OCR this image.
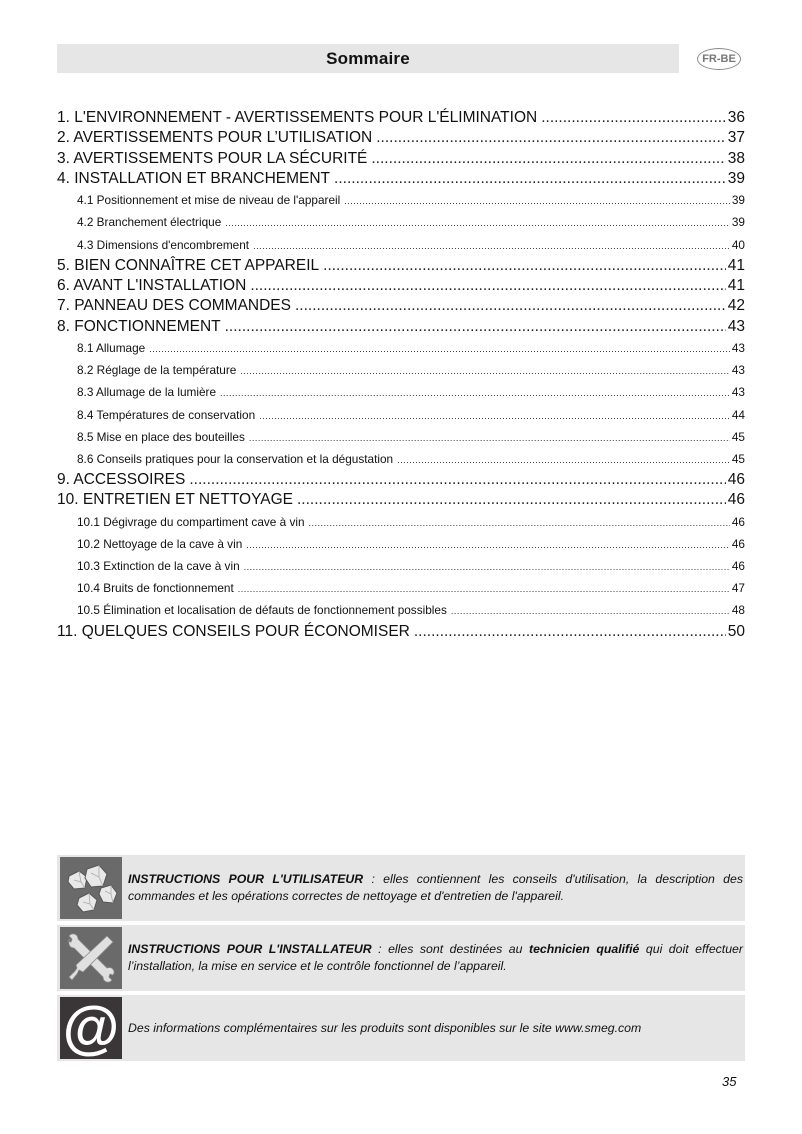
Sommaire	FR-BE
1. L'ENVIRONNEMENT - AVERTISSEMENTS POUR L'ÉLIMINATION .....	36
2. AVERTISSEMENTS POUR L’UTILISATION .....	37
3. AVERTISSEMENTS POUR LA SÉCURITÉ .....	38
4. INSTALLATION ET BRANCHEMENT .....	39
4.1 Positionnement et mise de niveau de l'appareil .....	39
4.2 Branchement électrique .....	39
4.3 Dimensions d'encombrement .....	40
5. BIEN CONNAÎTRE CET APPAREIL .....	41
6. AVANT L'INSTALLATION .....	41
7. PANNEAU DES COMMANDES .....	42
8. FONCTIONNEMENT .....	43
8.1 Allumage .....	43
8.2 Réglage de la température .....	43
8.3 Allumage de la lumière .....	43
8.4 Températures de conservation .....	44
8.5 Mise en place des bouteilles .....	45
8.6 Conseils pratiques pour la conservation et la dégustation .....	45
9. ACCESSOIRES .....	46
10. ENTRETIEN ET NETTOYAGE .....	46
10.1 Dégivrage du compartiment cave à vin .....	46
10.2 Nettoyage de la cave à vin .....	46
10.3 Extinction de la cave à vin .....	46
10.4 Bruits de fonctionnement .....	47
10.5 Élimination et localisation de défauts de fonctionnement possibles .....	48
11. QUELQUES CONSEILS POUR ÉCONOMISER .....	50
INSTRUCTIONS POUR L'UTILISATEUR : elles contiennent les conseils d'utilisation, la description des commandes et les opérations correctes de nettoyage et d'entretien de l'appareil.
INSTRUCTIONS POUR L'INSTALLATEUR : elles sont destinées au technicien qualifié qui doit effectuer l’installation, la mise en service et le contrôle fonctionnel de l’appareil.
@ Des informations complémentaires sur les produits sont disponibles sur le site www.smeg.com
35
